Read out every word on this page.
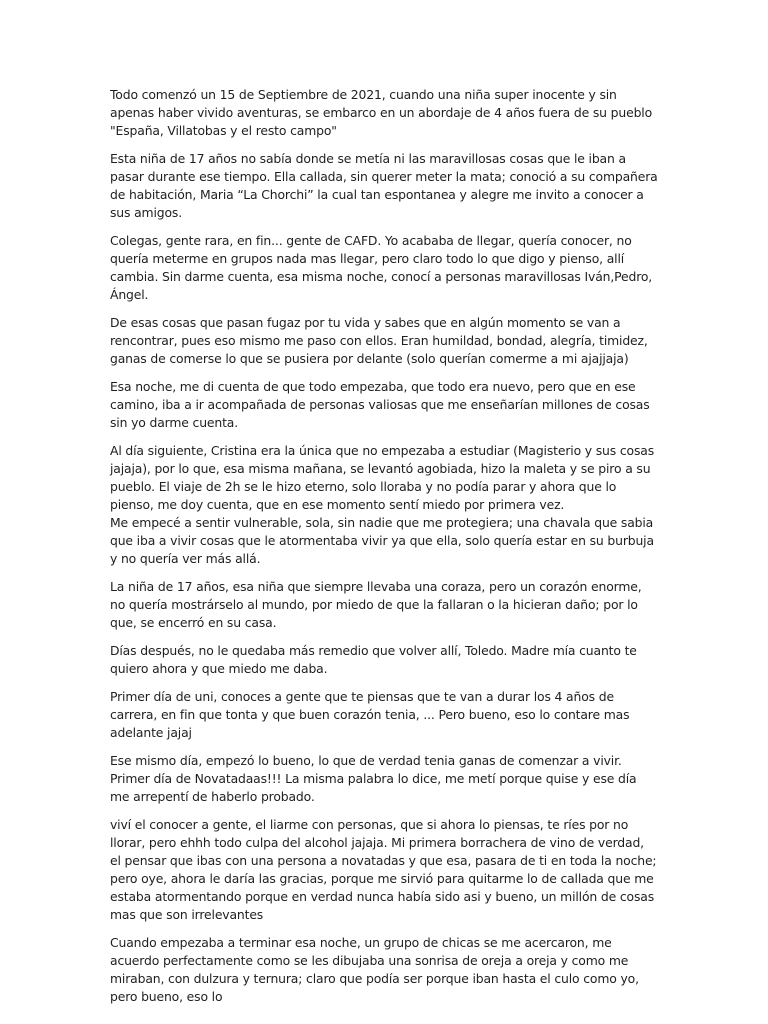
Todo comenzó un 15 de Septiembre de 2021, cuando una niña super inocente y sin apenas haber vivido aventuras, se embarco en un abordaje de 4 años fuera de su pueblo "España, Villatobas y el resto campo"

Esta niña de 17 años no sabía donde se metía ni las maravillosas cosas que le iban a pasar durante ese tiempo. Ella callada, sin querer meter la mata; conoció a su compañera de habitación, Maria “La Chorchi” la cual tan espontanea y alegre me invito a conocer a sus amigos.

Colegas, gente rara, en fin... gente de CAFD. Yo acababa de llegar, quería conocer, no quería meterme en grupos nada mas llegar, pero claro todo lo que digo y pienso, allí cambia. Sin darme cuenta, esa misma noche, conocí a personas maravillosas Iván,Pedro, Ángel.

De esas cosas que pasan fugaz por tu vida y sabes que en algún momento se van a rencontrar, pues eso mismo me paso con ellos. Eran humildad, bondad, alegría, timidez, ganas de comerse lo que se pusiera por delante (solo querían comerme a mi ajajjaja)

Esa noche, me di cuenta de que todo empezaba, que todo era nuevo, pero que en ese camino, iba a ir acompañada de personas valiosas que me enseñarían millones de cosas sin yo darme cuenta.

Al día siguiente, Cristina era la única que no empezaba a estudiar (Magisterio y sus cosas jajaja), por lo que, esa misma mañana, se levantó agobiada, hizo la maleta y se piro a su pueblo. El viaje de 2h se le hizo eterno, solo lloraba y no podía parar y ahora que lo pienso, me doy cuenta, que en ese momento sentí miedo por primera vez.

Me empecé a sentir vulnerable, sola, sin nadie que me protegiera; una chavala que sabia que iba a vivir cosas que le atormentaba vivir ya que ella, solo quería estar en su burbuja y no quería ver más allá.

La niña de 17 años, esa niña que siempre llevaba una coraza, pero un corazón enorme, no quería mostrárselo al mundo, por miedo de que la fallaran o la hicieran daño; por lo que, se encerró en su casa.

Días después, no le quedaba más remedio que volver allí, Toledo. Madre mía cuanto te quiero ahora y que miedo me daba.

Primer día de uni, conoces a gente que te piensas que te van a durar los 4 años de carrera, en fin que tonta y que buen corazón tenia, ... Pero bueno, eso lo contare mas adelante jajaj

Ese mismo día, empezó lo bueno, lo que de verdad tenia ganas de comenzar a vivir. Primer día de Novatadaas!!! La misma palabra lo dice, me metí porque quise y ese día me arrepentí de haberlo probado.

viví el conocer a gente, el liarme con personas, que si ahora lo piensas, te ríes por no llorar, pero ehhh todo culpa del alcohol jajaja. Mi primera borrachera de vino de verdad, el pensar que ibas con una persona a novatadas y que esa, pasara de ti en toda la noche; pero oye, ahora le daría las gracias, porque me sirvió para quitarme lo de callada que me estaba atormentando porque en verdad nunca había sido asi y bueno, un millón de cosas mas que son irrelevantes

Cuando empezaba a terminar esa noche, un grupo de chicas se me acercaron, me acuerdo perfectamente como se les dibujaba una sonrisa de oreja a oreja y como me miraban, con dulzura y ternura; claro que podía ser porque iban hasta el culo como yo, pero bueno, eso lo
